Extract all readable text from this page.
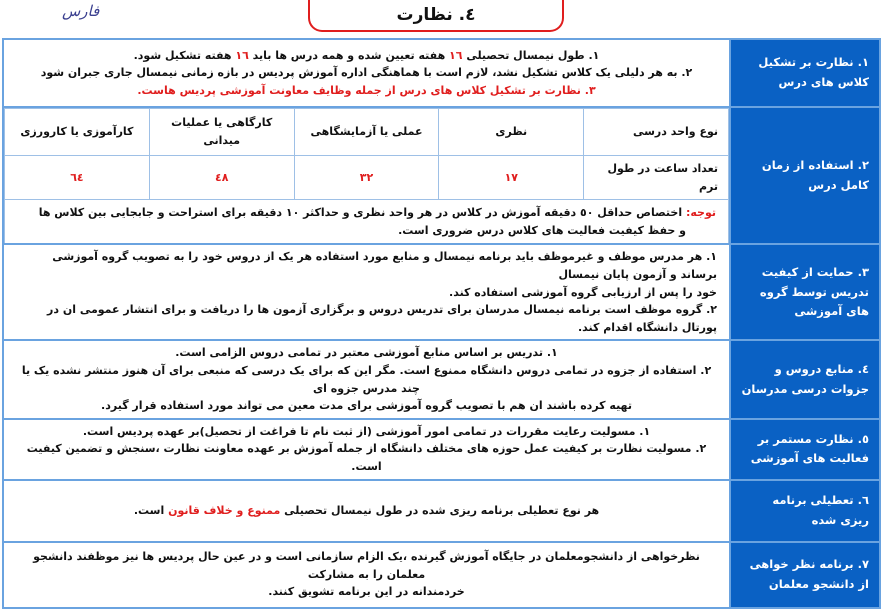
فارس	٤. نظارت
١. نظارت بر تشکیل کلاس های درس	
١. طول نیمسال تحصیلی ١٦ هفته تعیین شده و همه درس ها باید ١٦ هفته تشکیل شود.
٢. به هر دلیلی یک کلاس تشکیل نشد، لازم است با هماهنگی اداره آموزش پردیس در بازه زمانی نیمسال جاری جبران شود
٣. نظارت بر تشکیل کلاس های درس از جمله وظایف معاونت آموزشی پردیس هاست.

٢. استفاده از زمان کامل درس	
نوع واحد درسی	نظری	عملی یا آزمایشگاهی	کارگاهی یا عملیات میدانی	کارآموزی یا کارورزی
تعداد ساعت در طول ترم	١٧	٣٢	٤٨	٦٤

توجه: اختصاص حداقل ٥٠ دقیقه آموزش در کلاس در هر واحد نظری و حداکثر ١٠ دقیقه برای استراحت و جابجایی بین کلاس ها
و حفظ کیفیت فعالیت های کلاس درس ضروری است.

٣. حمایت از کیفیت تدریس توسط گروه های آموزشی	
١. هر مدرس موظف و غیرموظف باید برنامه نیمسال و منابع مورد استفاده هر یک از دروس خود را به تصویب گروه آموزشی برساند و آزمون پایان نیمسال
خود را پس از ارزیابی گروه آموزشی استفاده کند.
٢. گروه موظف است برنامه نیمسال مدرسان برای تدریس دروس و برگزاری آزمون ها را دریافت و برای انتشار عمومی ان در پورتال دانشگاه اقدام کند.

٤. منابع دروس و جزوات درسی مدرسان	
١. تدریس بر اساس منابع آموزشی معتبر در تمامی دروس الزامی است.
٢. استفاده از جزوه در تمامی دروس دانشگاه ممنوع است. مگر این که برای یک درسی که منبعی برای آن هنوز منتشر نشده یک یا چند مدرس جزوه ای
تهیه کرده باشند ان هم با تصویب گروه آموزشی برای مدت معین می تواند مورد استفاده قرار گیرد.

٥. نظارت مستمر بر فعالیت های آموزشی	
١. مسولیت رعایت مقررات در تمامی امور آموزشی (از ثبت نام تا فراغت از تحصیل)بر عهده پردیس است.
٢. مسولیت نظارت بر کیفیت عمل حوزه های مختلف دانشگاه از جمله آموزش بر عهده معاونت نظارت ،سنجش و تضمین کیفیت است.

٦. تعطیلی برنامه ریزی شده	هر نوع تعطیلی برنامه ریزی شده در طول نیمسال تحصیلی ممنوع و خلاف قانون است.
٧. برنامه نظر خواهی از دانشجو معلمان	
نظرخواهی از دانشجومعلمان در جایگاه آموزش گیرنده ،یک الزام سازمانی است و در عین حال پردیس ها نیز موظفند دانشجو معلمان را به مشارکت
خردمندانه در این برنامه تشویق کنند.
